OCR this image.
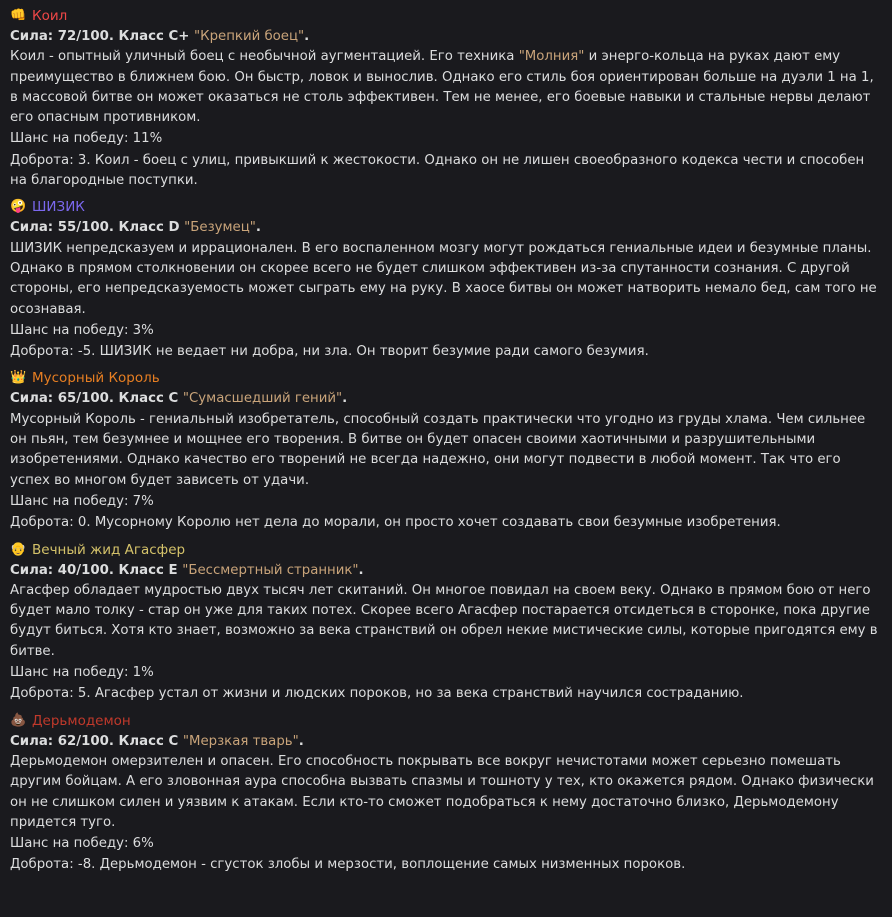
👊 Коил

Сила: 72/100. Класс C+ "Крепкий боец".

Коил - опытный уличный боец с необычной аугментацией. Его техника "Молния" и энерго-кольца на руках дают ему преимущество в ближнем бою. Он быстр, ловок и вынослив. Однако его стиль боя ориентирован больше на дуэли 1 на 1, в массовой битве он может оказаться не столь эффективен. Тем не менее, его боевые навыки и стальные нервы делают его опасным противником.

Шанс на победу: 11%

Доброта: 3. Коил - боец с улиц, привыкший к жестокости. Однако он не лишен своеобразного кодекса чести и способен на благородные поступки.

🤪 ШИЗИК

Сила: 55/100. Класс D "Безумец".

ШИЗИК непредсказуем и иррационален. В его воспаленном мозгу могут рождаться гениальные идеи и безумные планы. Однако в прямом столкновении он скорее всего не будет слишком эффективен из-за спутанности сознания. С другой стороны, его непредсказуемость может сыграть ему на руку. В хаосе битвы он может натворить немало бед, сам того не осознавая.

Шанс на победу: 3%

Доброта: -5. ШИЗИК не ведает ни добра, ни зла. Он творит безумие ради самого безумия.

👑 Мусорный Король

Сила: 65/100. Класс C "Сумасшедший гений".

Мусорный Король - гениальный изобретатель, способный создать практически что угодно из груды хлама. Чем сильнее он пьян, тем безумнее и мощнее его творения. В битве он будет опасен своими хаотичными и разрушительными изобретениями. Однако качество его творений не всегда надежно, они могут подвести в любой момент. Так что его успех во многом будет зависеть от удачи.

Шанс на победу: 7%

Доброта: 0. Мусорному Королю нет дела до морали, он просто хочет создавать свои безумные изобретения.

👴 Вечный жид Агасфер

Сила: 40/100. Класс E "Бессмертный странник".

Агасфер обладает мудростью двух тысяч лет скитаний. Он многое повидал на своем веку. Однако в прямом бою от него будет мало толку - стар он уже для таких потех. Скорее всего Агасфер постарается отсидеться в сторонке, пока другие будут биться. Хотя кто знает, возможно за века странствий он обрел некие мистические силы, которые пригодятся ему в битве.

Шанс на победу: 1%

Доброта: 5. Агасфер устал от жизни и людских пороков, но за века странствий научился состраданию.

💩 Дерьмодемон

Сила: 62/100. Класс C "Мерзкая тварь".

Дерьмодемон омерзителен и опасен. Его способность покрывать все вокруг нечистотами может серьезно помешать другим бойцам. А его зловонная аура способна вызвать спазмы и тошноту у тех, кто окажется рядом. Однако физически он не слишком силен и уязвим к атакам. Если кто-то сможет подобраться к нему достаточно близко, Дерьмодемону придется туго.

Шанс на победу: 6%

Доброта: -8. Дерьмодемон - сгусток злобы и мерзости, воплощение самых низменных пороков.
